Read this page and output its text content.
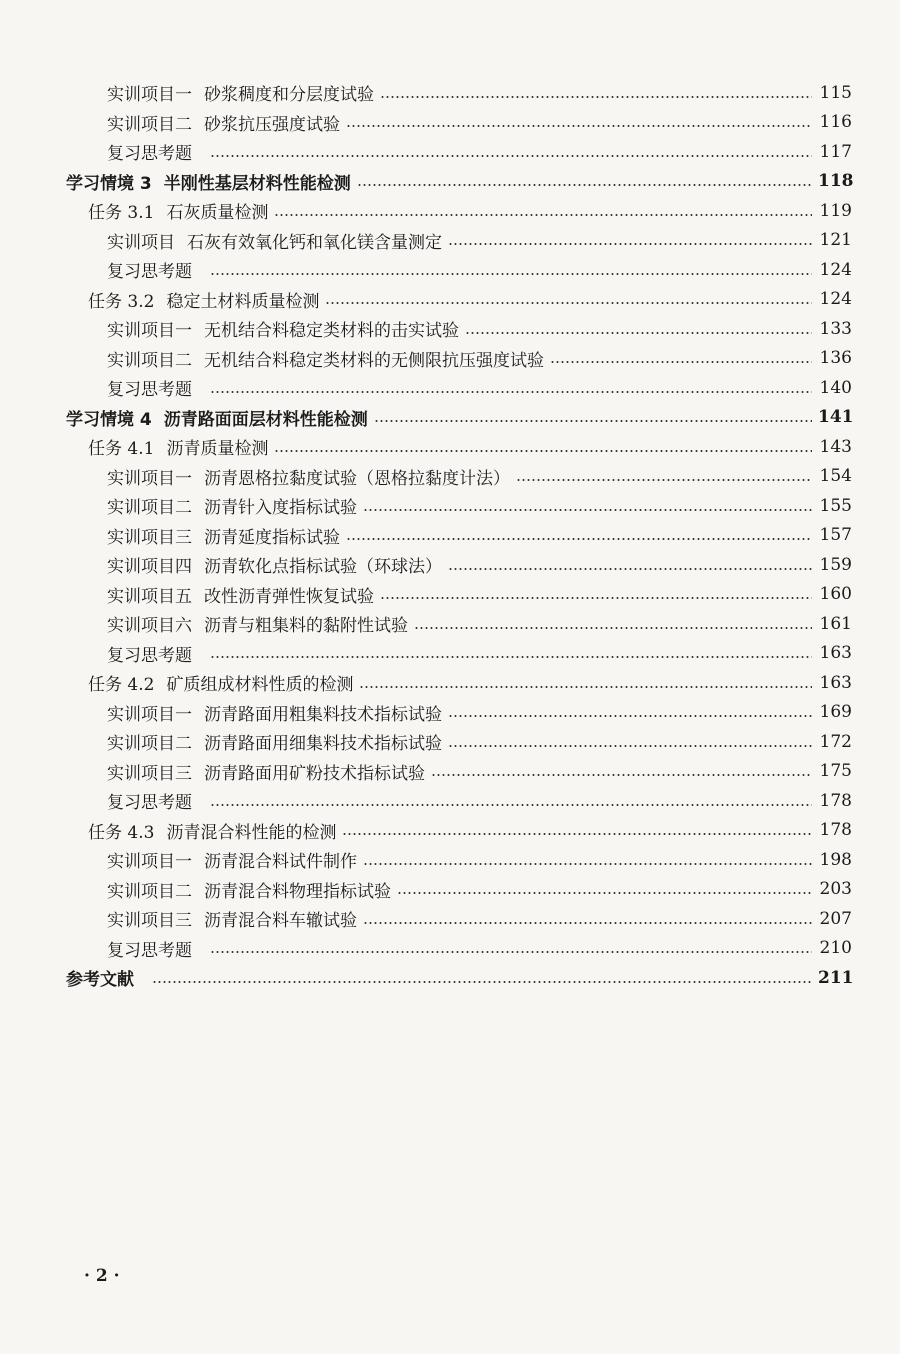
实训项目一 砂浆稠度和分层度试验	115
实训项目二 砂浆抗压强度试验	116
复习思考题	117
学习情境 3 半刚性基层材料性能检测	118
任务 3.1 石灰质量检测	119
实训项目 石灰有效氧化钙和氧化镁含量测定	121
复习思考题	124
任务 3.2 稳定土材料质量检测	124
实训项目一 无机结合料稳定类材料的击实试验	133
实训项目二 无机结合料稳定类材料的无侧限抗压强度试验	136
复习思考题	140
学习情境 4 沥青路面面层材料性能检测	141
任务 4.1 沥青质量检测	143
实训项目一 沥青恩格拉黏度试验（恩格拉黏度计法）	154
实训项目二 沥青针入度指标试验	155
实训项目三 沥青延度指标试验	157
实训项目四 沥青软化点指标试验（环球法）	159
实训项目五 改性沥青弹性恢复试验	160
实训项目六 沥青与粗集料的黏附性试验	161
复习思考题	163
任务 4.2 矿质组成材料性质的检测	163
实训项目一 沥青路面用粗集料技术指标试验	169
实训项目二 沥青路面用细集料技术指标试验	172
实训项目三 沥青路面用矿粉技术指标试验	175
复习思考题	178
任务 4.3 沥青混合料性能的检测	178
实训项目一 沥青混合料试件制作	198
实训项目二 沥青混合料物理指标试验	203
实训项目三 沥青混合料车辙试验	207
复习思考题	210
参考文献	211
· 2 ·
